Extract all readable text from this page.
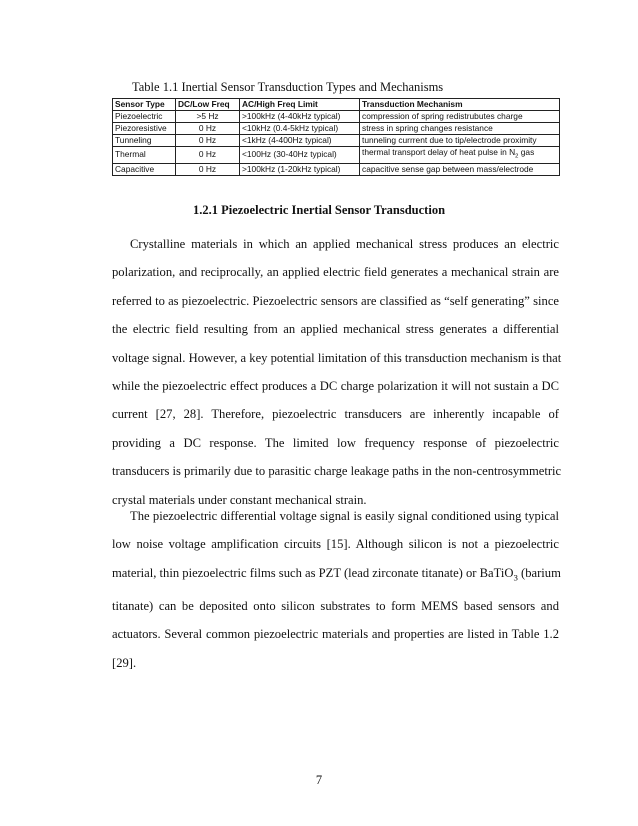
Table 1.1 Inertial Sensor Transduction Types and Mechanisms
Sensor Type	DC/Low Freq	AC/High Freq Limit	Transduction Mechanism
Piezoelectric	>5 Hz	>100kHz (4-40kHz typical)	compression of spring redistrubutes charge
Piezoresistive	0 Hz	<10kHz (0.4-5kHz typical)	stress in spring changes resistance
Tunneling	0 Hz	<1kHz (4-400Hz typical)	tunneling currrent due to tip/electrode proximity
Thermal	0 Hz	<100Hz (30-40Hz typical)	thermal transport delay of heat pulse in $N_2$ gas
Capacitive	0 Hz	>100kHz (1-20kHz typical)	capacitive sense gap between mass/electrode
1.2.1 Piezoelectric Inertial Sensor Transduction
Crystalline materials in which an applied mechanical stress produces an electric
polarization, and reciprocally, an applied electric field generates a mechanical strain are
referred to as piezoelectric. Piezoelectric sensors are classified as “self generating” since
the electric field resulting from an applied mechanical stress generates a differential
voltage signal. However, a key potential limitation of this transduction mechanism is that
while the piezoelectric effect produces a DC charge polarization it will not sustain a DC
current [27, 28]. Therefore, piezoelectric transducers are inherently incapable of
providing a DC response. The limited low frequency response of piezoelectric
transducers is primarily due to parasitic charge leakage paths in the non-centrosymmetric
crystal materials under constant mechanical strain.
The piezoelectric differential voltage signal is easily signal conditioned using typical
low noise voltage amplification circuits [15]. Although silicon is not a piezoelectric
material, thin piezoelectric films such as PZT (lead zirconate titanate) or BaTiO$_3$ (barium
titanate) can be deposited onto silicon substrates to form MEMS based sensors and
actuators. Several common piezoelectric materials and properties are listed in Table 1.2
[29].
7
